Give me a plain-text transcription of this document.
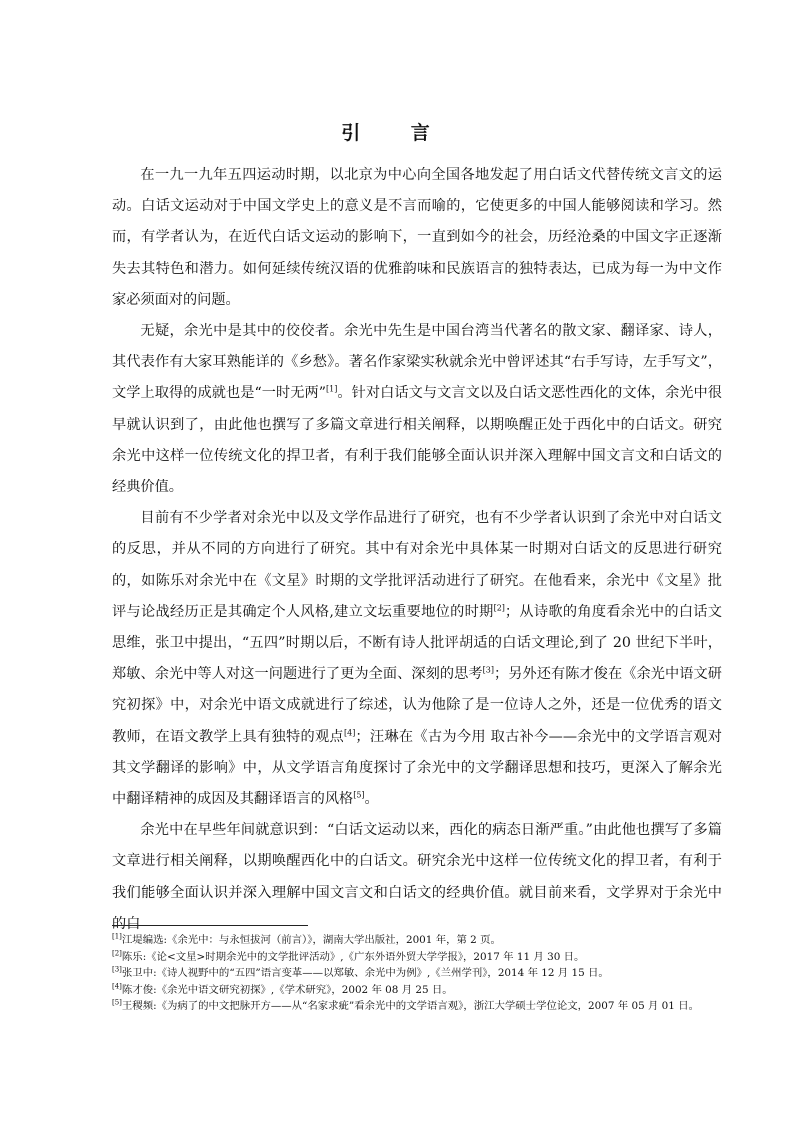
引 言

在一九一九年五四运动时期，以北京为中心向全国各地发起了用白话文代替传统文言文的运动。白话文运动对于中国文学史上的意义是不言而喻的，它使更多的中国人能够阅读和学习。然而，有学者认为，在近代白话文运动的影响下，一直到如今的社会，历经沧桑的中国文字正逐渐失去其特色和潜力。如何延续传统汉语的优雅韵味和民族语言的独特表达，已成为每一为中文作家必须面对的问题。

无疑，余光中是其中的佼佼者。余光中先生是中国台湾当代著名的散文家、翻译家、诗人，其代表作有大家耳熟能详的《乡愁》。著名作家梁实秋就余光中曾评述其“右手写诗，左手写文”，文学上取得的成就也是“一时无两”[1]。针对白话文与文言文以及白话文恶性西化的文体，余光中很早就认识到了，由此他也撰写了多篇文章进行相关阐释，以期唤醒正处于西化中的白话文。研究余光中这样一位传统文化的捍卫者，有利于我们能够全面认识并深入理解中国文言文和白话文的经典价值。

目前有不少学者对余光中以及文学作品进行了研究，也有不少学者认识到了余光中对白话文的反思，并从不同的方向进行了研究。其中有对余光中具体某一时期对白话文的反思进行研究的，如陈乐对余光中在《文星》时期的文学批评活动进行了研究。在他看来，余光中《文星》批评与论战经历正是其确定个人风格,建立文坛重要地位的时期[2]；从诗歌的角度看余光中的白话文思维，张卫中提出，“五四”时期以后，不断有诗人批评胡适的白话文理论,到了 20 世纪下半叶，郑敏、余光中等人对这一问题进行了更为全面、深刻的思考[3]；另外还有陈才俊在《余光中语文研究初探》中，对余光中语文成就进行了综述，认为他除了是一位诗人之外，还是一位优秀的语文教师，在语文教学上具有独特的观点[4]；汪琳在《古为今用 取古补今——余光中的文学语言观对其文学翻译的影响》中，从文学语言角度探讨了余光中的文学翻译思想和技巧，更深入了解余光中翻译精神的成因及其翻译语言的风格[5]。

余光中在早些年间就意识到：“白话文运动以来，西化的病态日渐严重。”由此他也撰写了多篇文章进行相关阐释，以期唤醒西化中的白话文。研究余光中这样一位传统文化的捍卫者，有利于我们能够全面认识并深入理解中国文言文和白话文的经典价值。就目前来看，文学界对于余光中的白

[1]江堤编选:《余光中：与永恒拔河（前言）》，湖南大学出版社，2001 年，第 2 页。
[2]陈乐:《论<文星>时期余光中的文学批评活动》,《广东外语外贸大学学报》，2017 年 11 月 30 日。
[3]张卫中:《诗人视野中的“五四”语言变革——以郑敏、余光中为例》,《兰州学刊》，2014 年 12 月 15 日。
[4]陈才俊:《余光中语文研究初探》,《学术研究》，2002 年 08 月 25 日。
[5]王稷频:《为病了的中文把脉开方——从“名家求疵”看余光中的文学语言观》，浙江大学硕士学位论文，2007 年 05 月 01 日。
